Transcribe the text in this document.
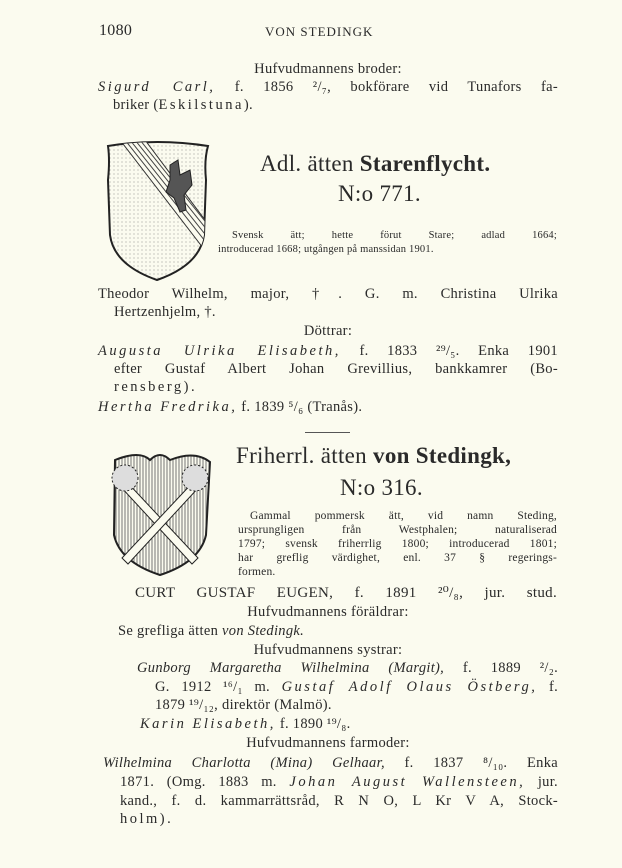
1080	VON STEDINGK
Hufvudmannens broder:
Sigurd Carl, f. 1856 ²/₇, bokförare vid Tunafors fa-
briker (Eskilstuna).
Adl. ätten Starenflycht.
N:o 771.
Svensk ätt; hette förut Stare; adlad 1664;
introducerad 1668; utgången på manssidan 1901.
Theodor Wilhelm, major, †. G. m. Christina Ulrika
Hertzenhjelm, †.
Döttrar:
Augusta Ulrika Elisabeth, f. 1833 ²⁹/₅. Enka 1901
efter Gustaf Albert Johan Grevillius, bankkamrer (Bo-
rensberg).
Hertha Fredrika, f. 1839 ⁵/₆ (Tranås).
Friherrl. ätten von Stedingk,
N:o 316.
Gammal pommersk ätt, vid namn Steding,
ursprungligen från Westphalen; naturaliserad
1797; svensk friherrlig 1800; introducerad 1801;
har greflig värdighet, enl. 37 § regerings-
formen.
CURT GUSTAF EUGEN, f. 1891 ²⁰/₈, jur. stud.
Hufvudmannens föräldrar:
Se grefliga ätten von Stedingk.
Hufvudmannens systrar:
Gunborg Margaretha Wilhelmina (Margit), f. 1889 ²/₂.
G. 1912 ¹⁶/₁ m. Gustaf Adolf Olaus Östberg, f.
1879 ¹⁹/₁₂, direktör (Malmö).
Karin Elisabeth, f. 1890 ¹⁹/₈.
Hufvudmannens farmoder:
Wilhelmina Charlotta (Mina) Gelhaar, f. 1837 ⁸/₁₀. Enka
1871. (Omg. 1883 m. Johan August Wallensteen, jur.
kand., f. d. kammarrättsråd, R N O, L Kr V A, Stock-
holm).
